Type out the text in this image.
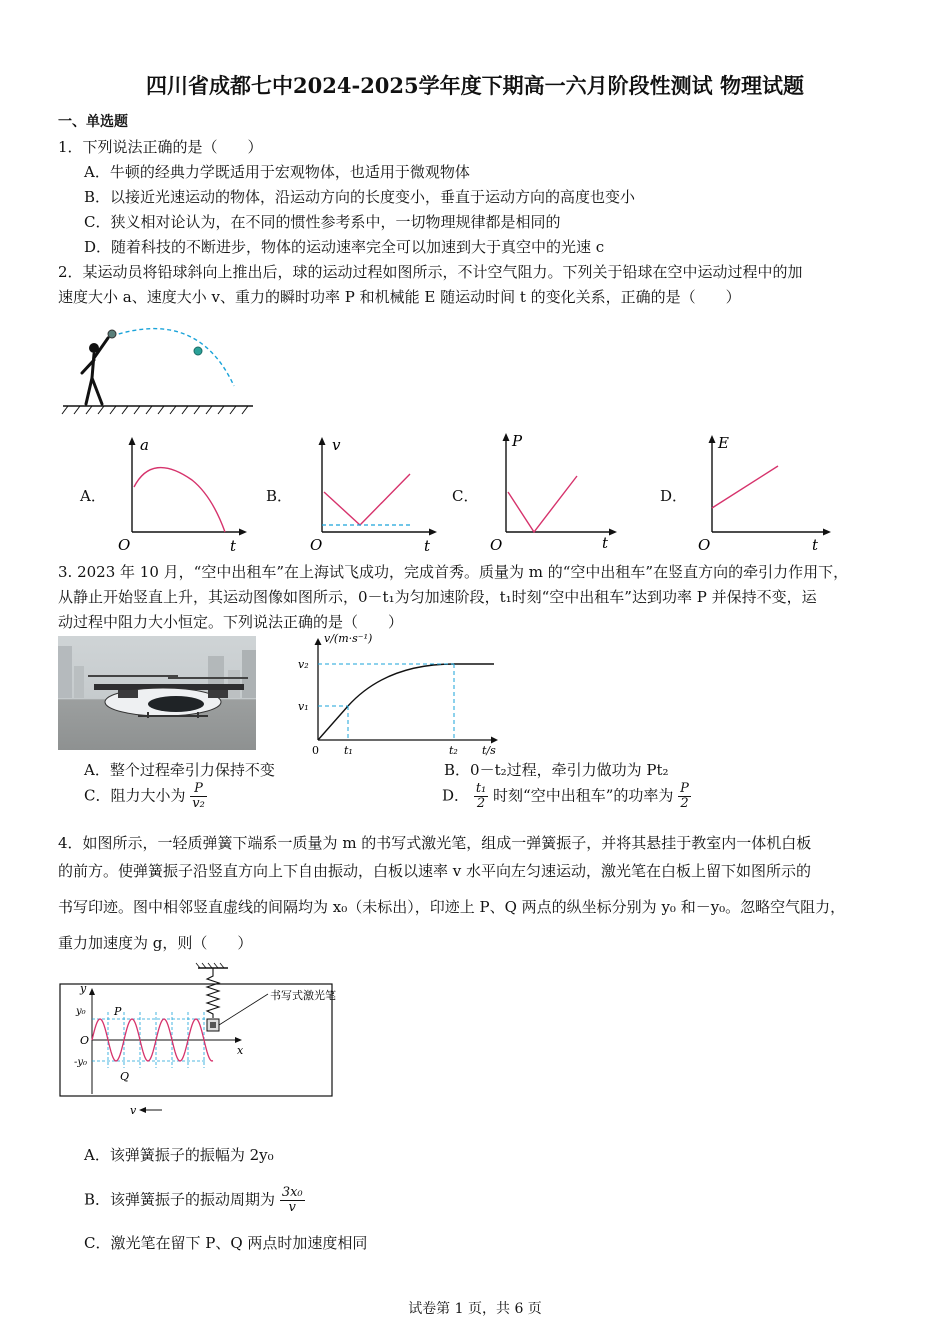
四川省成都七中2024-2025学年度下期高一六月阶段性测试 物理试题
一、单选题
1．下列说法正确的是（　　）
A．牛顿的经典力学既适用于宏观物体，也适用于微观物体
B．以接近光速运动的物体，沿运动方向的长度变小，垂直于运动方向的高度也变小
C．狭义相对论认为，在不同的惯性参考系中，一切物理规律都是相同的
D．随着科技的不断进步，物体的运动速率完全可以加速到大于真空中的光速 c
2．某运动员将铅球斜向上推出后，球的运动过程如图所示，不计空气阻力。下列关于铅球在空中运动过程中的加
速度大小 a、速度大小 v、重力的瞬时功率 P 和机械能 E 随运动时间 t 的变化关系，正确的是（　　）
A．
a
t
O
B．
v
t
O
C．
P
t
O
D．
E
t
O
3. 2023 年 10 月，“空中出租车”在上海试飞成功，完成首秀。质量为 m 的“空中出租车”在竖直方向的牵引力作用下，
从静止开始竖直上升，其运动图像如图所示，0－t₁为匀加速阶段，t₁时刻“空中出租车”达到功率 P 并保持不变，运
动过程中阻力大小恒定。下列说法正确的是（　　）
v/(m·s⁻¹)
v₂
v₁
0 t₁	t₂ t/s
A．整个过程牵引力保持不变	B．0－t₂过程，牵引力做功为 Pt₂
C．阻力大小为 $\frac{P}{\text{v₂}}$	D． $\frac{\text{t₁}}{2}$ 时刻“空中出租车”的功率为 $\frac{P}{2}$
4．如图所示，一轻质弹簧下端系一质量为 m 的书写式激光笔，组成一弹簧振子，并将其悬挂于教室内一体机白板
的前方。使弹簧振子沿竖直方向上下自由振动，白板以速率 v 水平向左匀速运动，激光笔在白板上留下如图所示的
书写印迹。图中相邻竖直虚线的间隔均为 x₀（未标出），印迹上 P、Q 两点的纵坐标分别为 y₀ 和－y₀。忽略空气阻力，
重力加速度为 g，则（　　）
书写式激光笔
y
x
O
y₀
-y₀
P
Q
v
A．该弹簧振子的振幅为 2y₀
B．该弹簧振子的振动周期为 $\frac{\text{3x₀}}{v}$
C．激光笔在留下 P、Q 两点时加速度相同
试卷第 1 页，共 6 页
